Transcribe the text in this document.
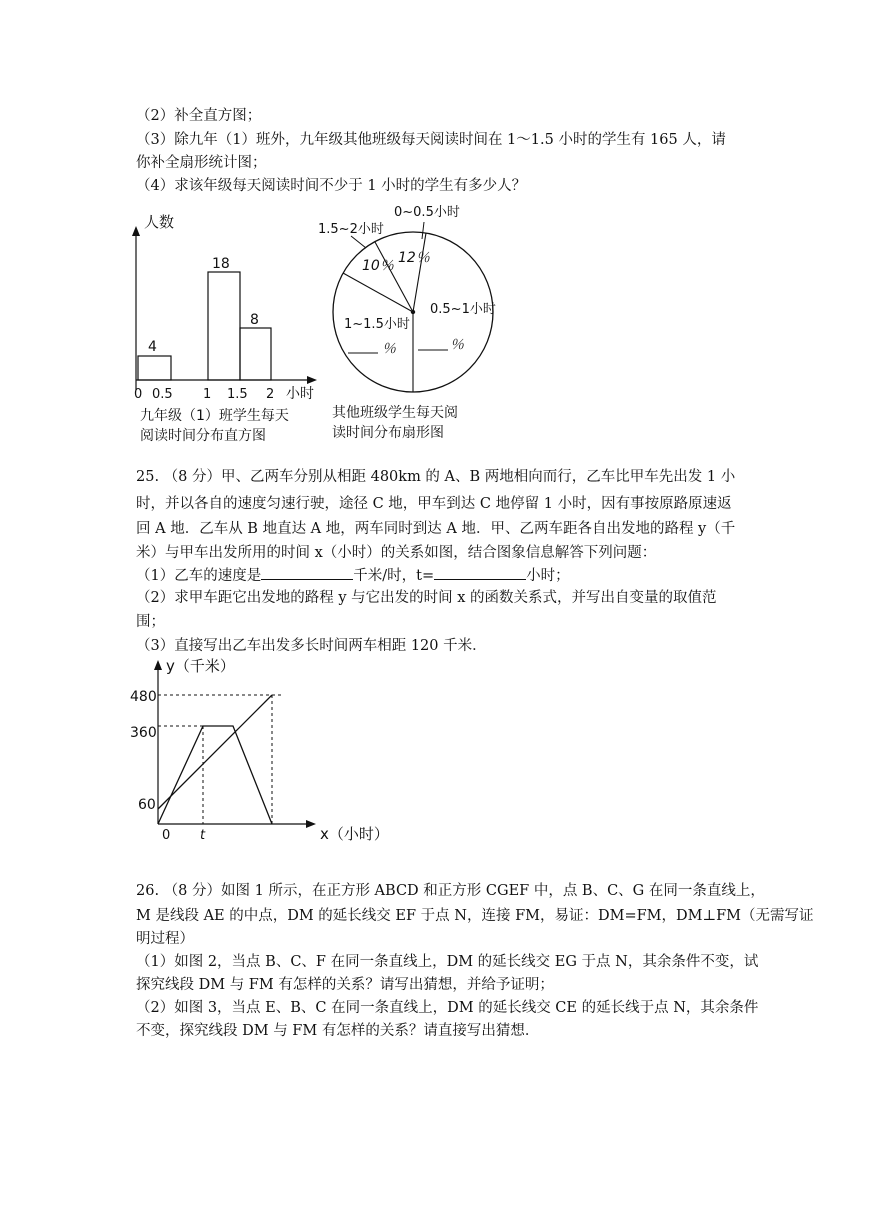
（2）补全直方图；
（3）除九年（1）班外，九年级其他班级每天阅读时间在 1～1.5 小时的学生有 165 人，请
你补全扇形统计图；
（4）求该年级每天阅读时间不少于 1 小时的学生有多少人？
人数
小时
4
18
8
0 0.5 1 1.5 2
九年级（1）班学生每天
阅读时间分布直方图
0~0.5小时
1.5~2小时
12％
10％
0.5~1小时
1~1.5小时
％	％
其他班级学生每天阅
读时间分布扇形图
25. （8 分）甲、乙两车分别从相距 480km 的 A、B 两地相向而行，乙车比甲车先出发 1 小
时，并以各自的速度匀速行驶，途径 C 地，甲车到达 C 地停留 1 小时，因有事按原路原速返
回 A 地．乙车从 B 地直达 A 地，两车同时到达 A 地．甲、乙两车距各自出发地的路程 y（千
米）与甲车出发所用的时间 x（小时）的关系如图，结合图象信息解答下列问题：
（1）乙车的速度是	千米/时，t=	小时；
（2）求甲车距它出发地的路程 y 与它出发的时间 x 的函数关系式，并写出自变量的取值范
围；
（3）直接写出乙车出发多长时间两车相距 120 千米．
y（千米）
x（小时）
480
360
60
0 t
26. （8 分）如图 1 所示，在正方形 ABCD 和正方形 CGEF 中，点 B、C、G 在同一条直线上，
M 是线段 AE 的中点，DM 的延长线交 EF 于点 N，连接 FM，易证：DM=FM，DM⊥FM（无需写证
明过程）
（1）如图 2，当点 B、C、F 在同一条直线上，DM 的延长线交 EG 于点 N，其余条件不变，试
探究线段 DM 与 FM 有怎样的关系？请写出猜想，并给予证明；
（2）如图 3，当点 E、B、C 在同一条直线上，DM 的延长线交 CE 的延长线于点 N，其余条件
不变，探究线段 DM 与 FM 有怎样的关系？请直接写出猜想．
